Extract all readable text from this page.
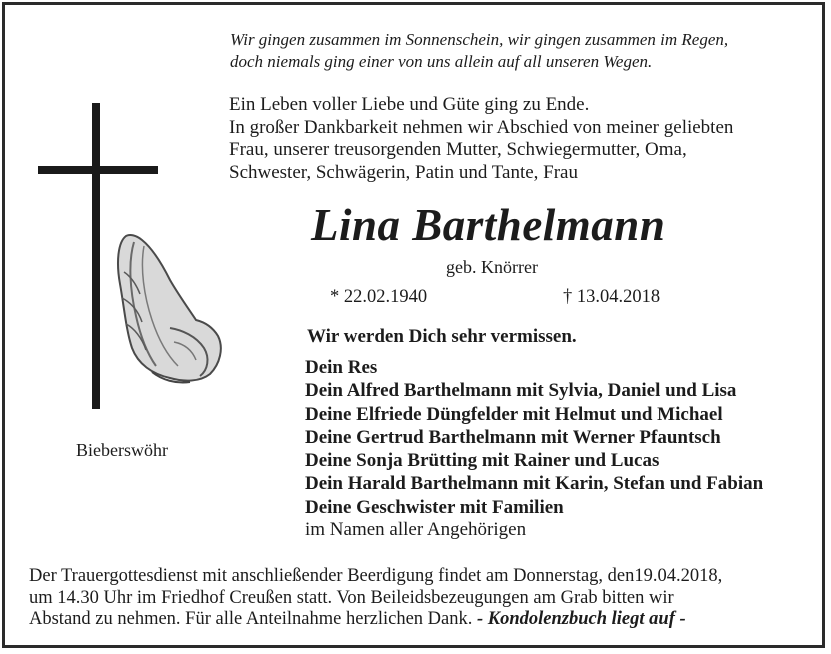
Wir gingen zusammen im Sonnenschein, wir gingen zusammen im Regen,
doch niemals ging einer von uns allein auf all unseren Wegen.
Ein Leben voller Liebe und Güte ging zu Ende.
In großer Dankbarkeit nehmen wir Abschied von meiner geliebten
Frau, unserer treusorgenden Mutter, Schwiegermutter, Oma,
Schwester, Schwägerin, Patin und Tante, Frau
Lina Barthelmann
geb. Knörrer
* 22.02.1940	† 13.04.2018
Wir werden Dich sehr vermissen.
Dein Res
Dein Alfred Barthelmann mit Sylvia, Daniel und Lisa
Deine Elfriede Düngfelder mit Helmut und Michael
Deine Gertrud Barthelmann mit Werner Pfauntsch
Deine Sonja Brütting mit Rainer und Lucas
Dein Harald Barthelmann mit Karin, Stefan und Fabian
Deine Geschwister mit Familien
im Namen aller Angehörigen
Bieberswöhr
Der Trauergottesdienst mit anschließender Beerdigung findet am Donnerstag, den19.04.2018,
um 14.30 Uhr im Friedhof Creußen statt. Von Beileidsbezeugungen am Grab bitten wir
Abstand zu nehmen. Für alle Anteilnahme herzlichen Dank. - Kondolenzbuch liegt auf -
